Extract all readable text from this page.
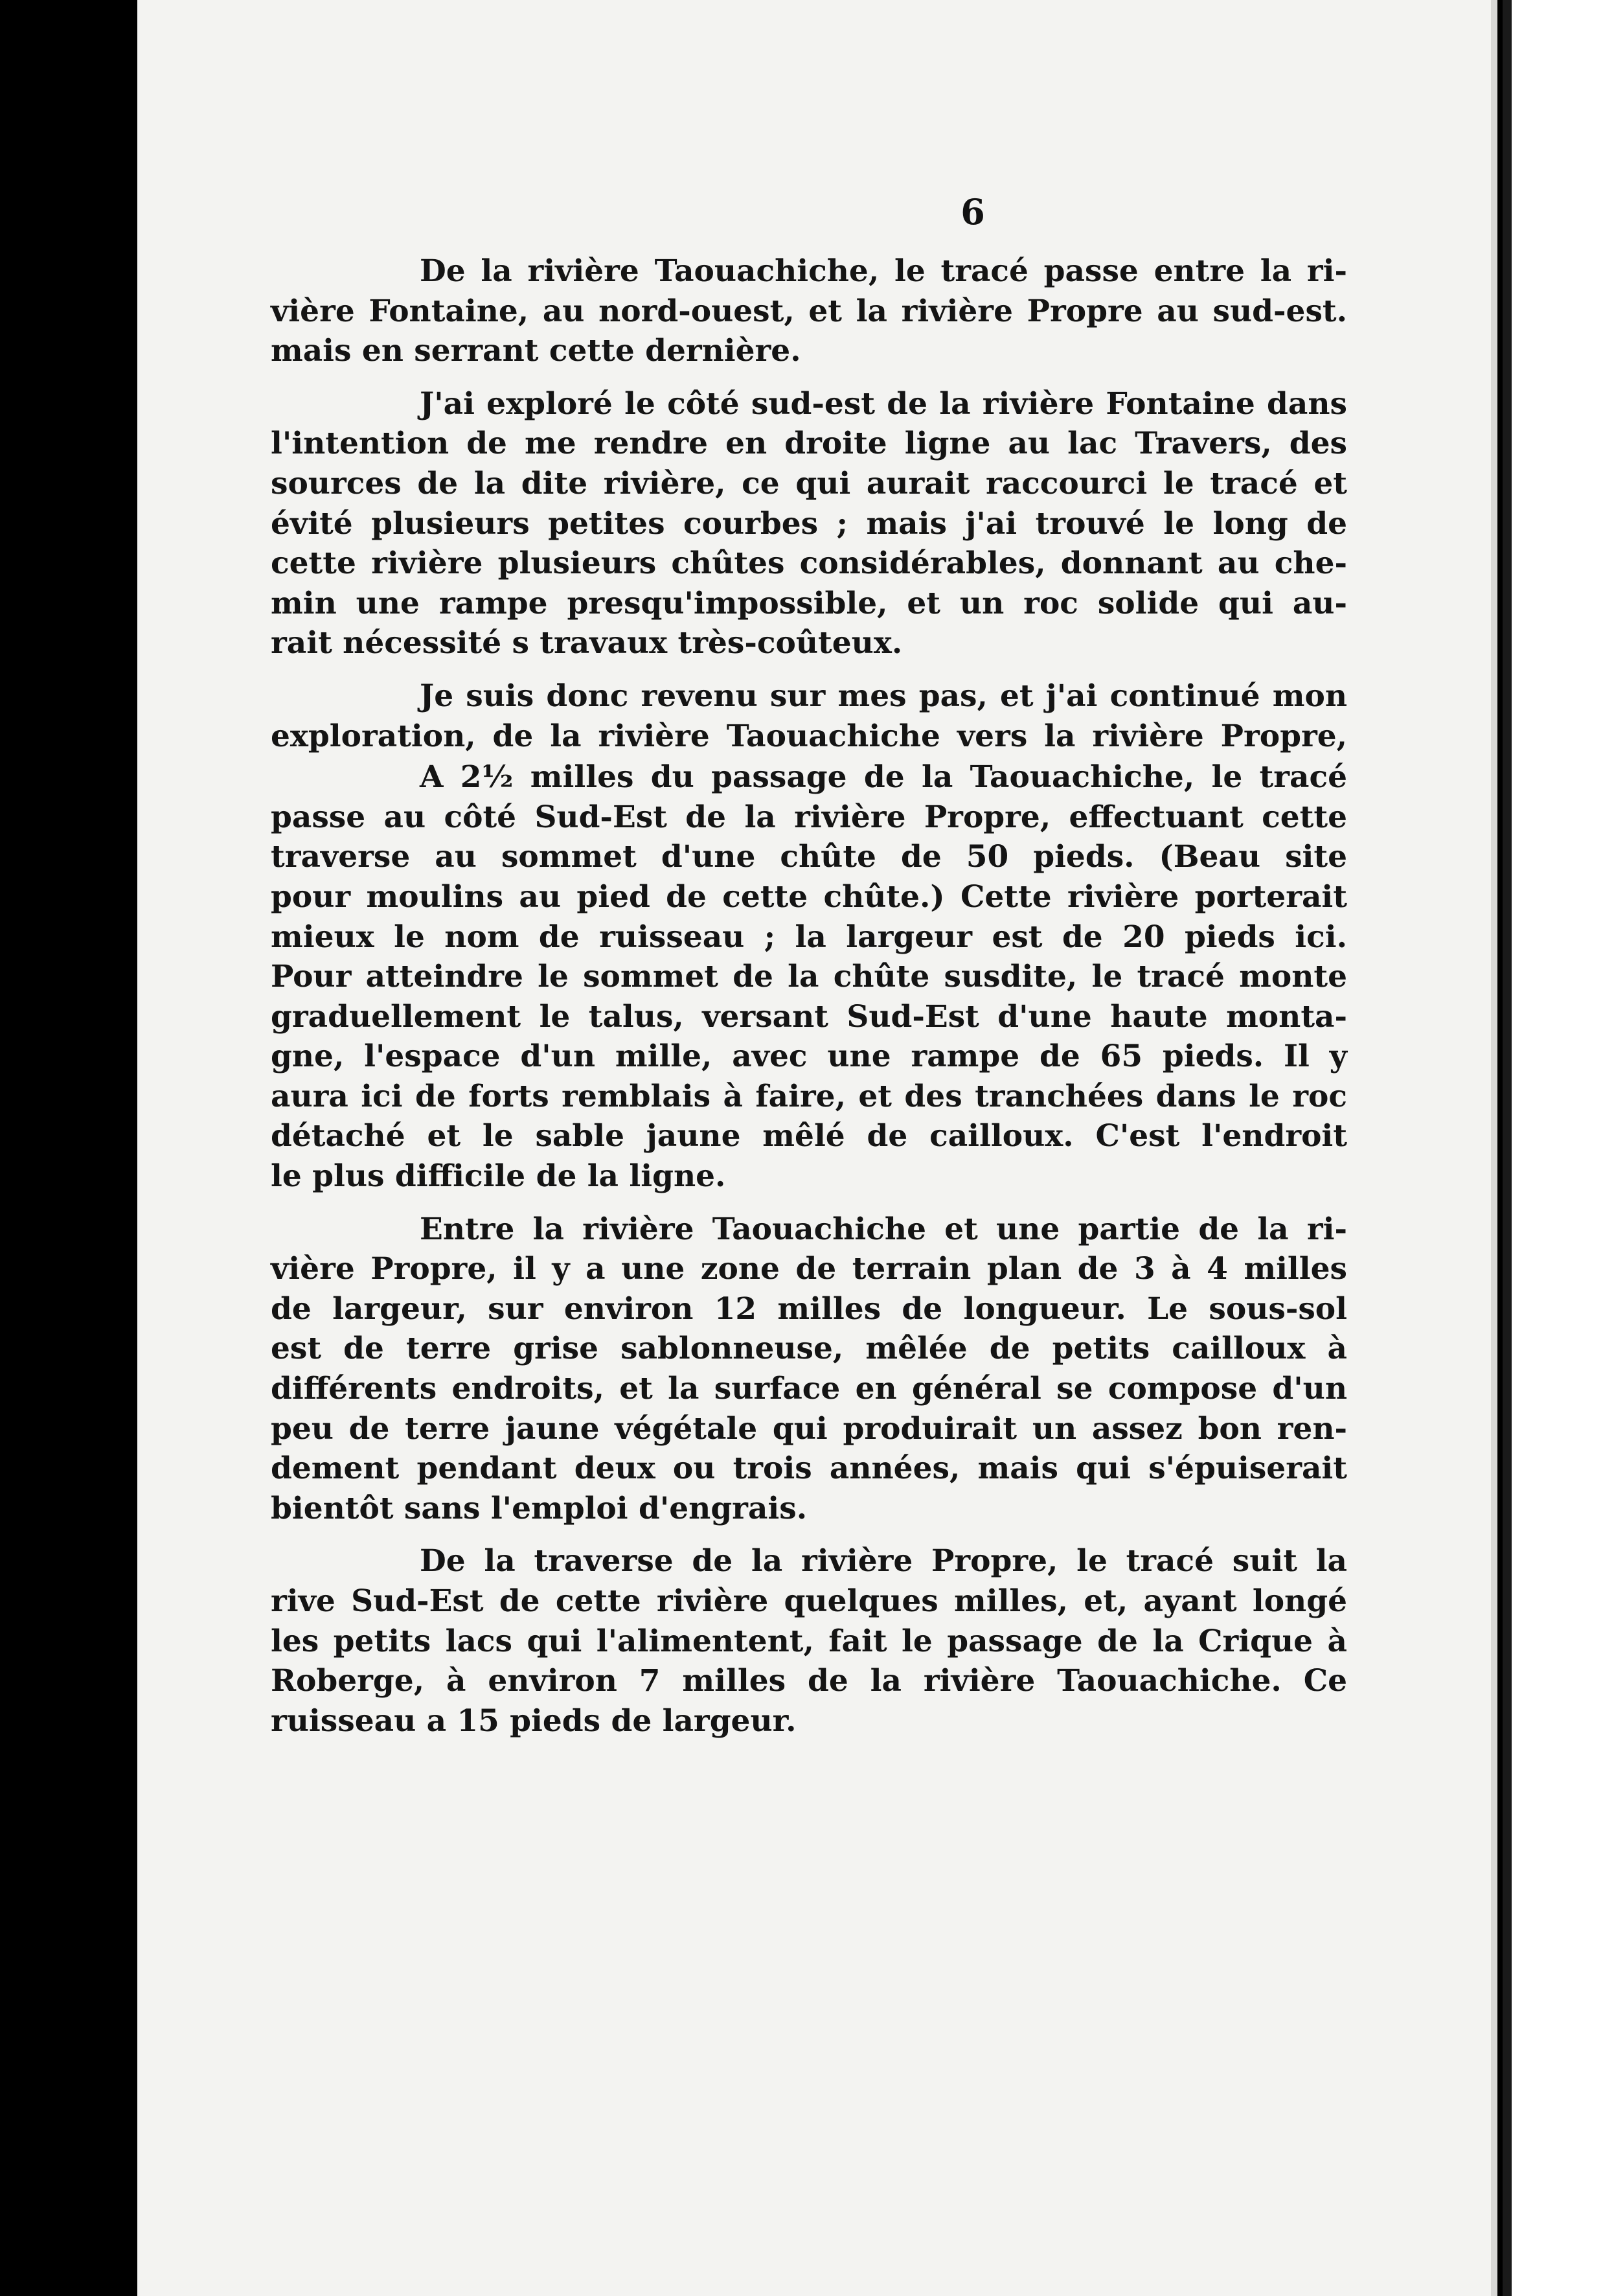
6
De la rivière Taouachiche, le tracé passe entre la ri-
vière Fontaine, au nord-ouest, et la rivière Propre au sud-est.
mais en serrant cette dernière.
J'ai exploré le côté sud-est de la rivière Fontaine dans
l'intention de me rendre en droite ligne au lac Travers, des
sources de la dite rivière, ce qui aurait raccourci le tracé et
évité plusieurs petites courbes ; mais j'ai trouvé le long de
cette rivière plusieurs chûtes considérables, donnant au che-
min une rampe presqu'impossible, et un roc solide qui au-
rait nécessité s travaux très-coûteux.
Je suis donc revenu sur mes pas, et j'ai continué mon
exploration, de la rivière Taouachiche vers la rivière Propre,
A 2½ milles du passage de la Taouachiche, le tracé
passe au côté Sud-Est de la rivière Propre, effectuant cette
traverse au sommet d'une chûte de 50 pieds. (Beau site
pour moulins au pied de cette chûte.) Cette rivière porterait
mieux le nom de ruisseau ; la largeur est de 20 pieds ici.
Pour atteindre le sommet de la chûte susdite, le tracé monte
graduellement le talus, versant Sud-Est d'une haute monta-
gne, l'espace d'un mille, avec une rampe de 65 pieds. Il y
aura ici de forts remblais à faire, et des tranchées dans le roc
détaché et le sable jaune mêlé de cailloux. C'est l'endroit
le plus difficile de la ligne.
Entre la rivière Taouachiche et une partie de la ri-
vière Propre, il y a une zone de terrain plan de 3 à 4 milles
de largeur, sur environ 12 milles de longueur. Le sous-sol
est de terre grise sablonneuse, mêlée de petits cailloux à
différents endroits, et la surface en général se compose d'un
peu de terre jaune végétale qui produirait un assez bon ren-
dement pendant deux ou trois années, mais qui s'épuiserait
bientôt sans l'emploi d'engrais.
De la traverse de la rivière Propre, le tracé suit la
rive Sud-Est de cette rivière quelques milles, et, ayant longé
les petits lacs qui l'alimentent, fait le passage de la Crique à
Roberge, à environ 7 milles de la rivière Taouachiche. Ce
ruisseau a 15 pieds de largeur.
